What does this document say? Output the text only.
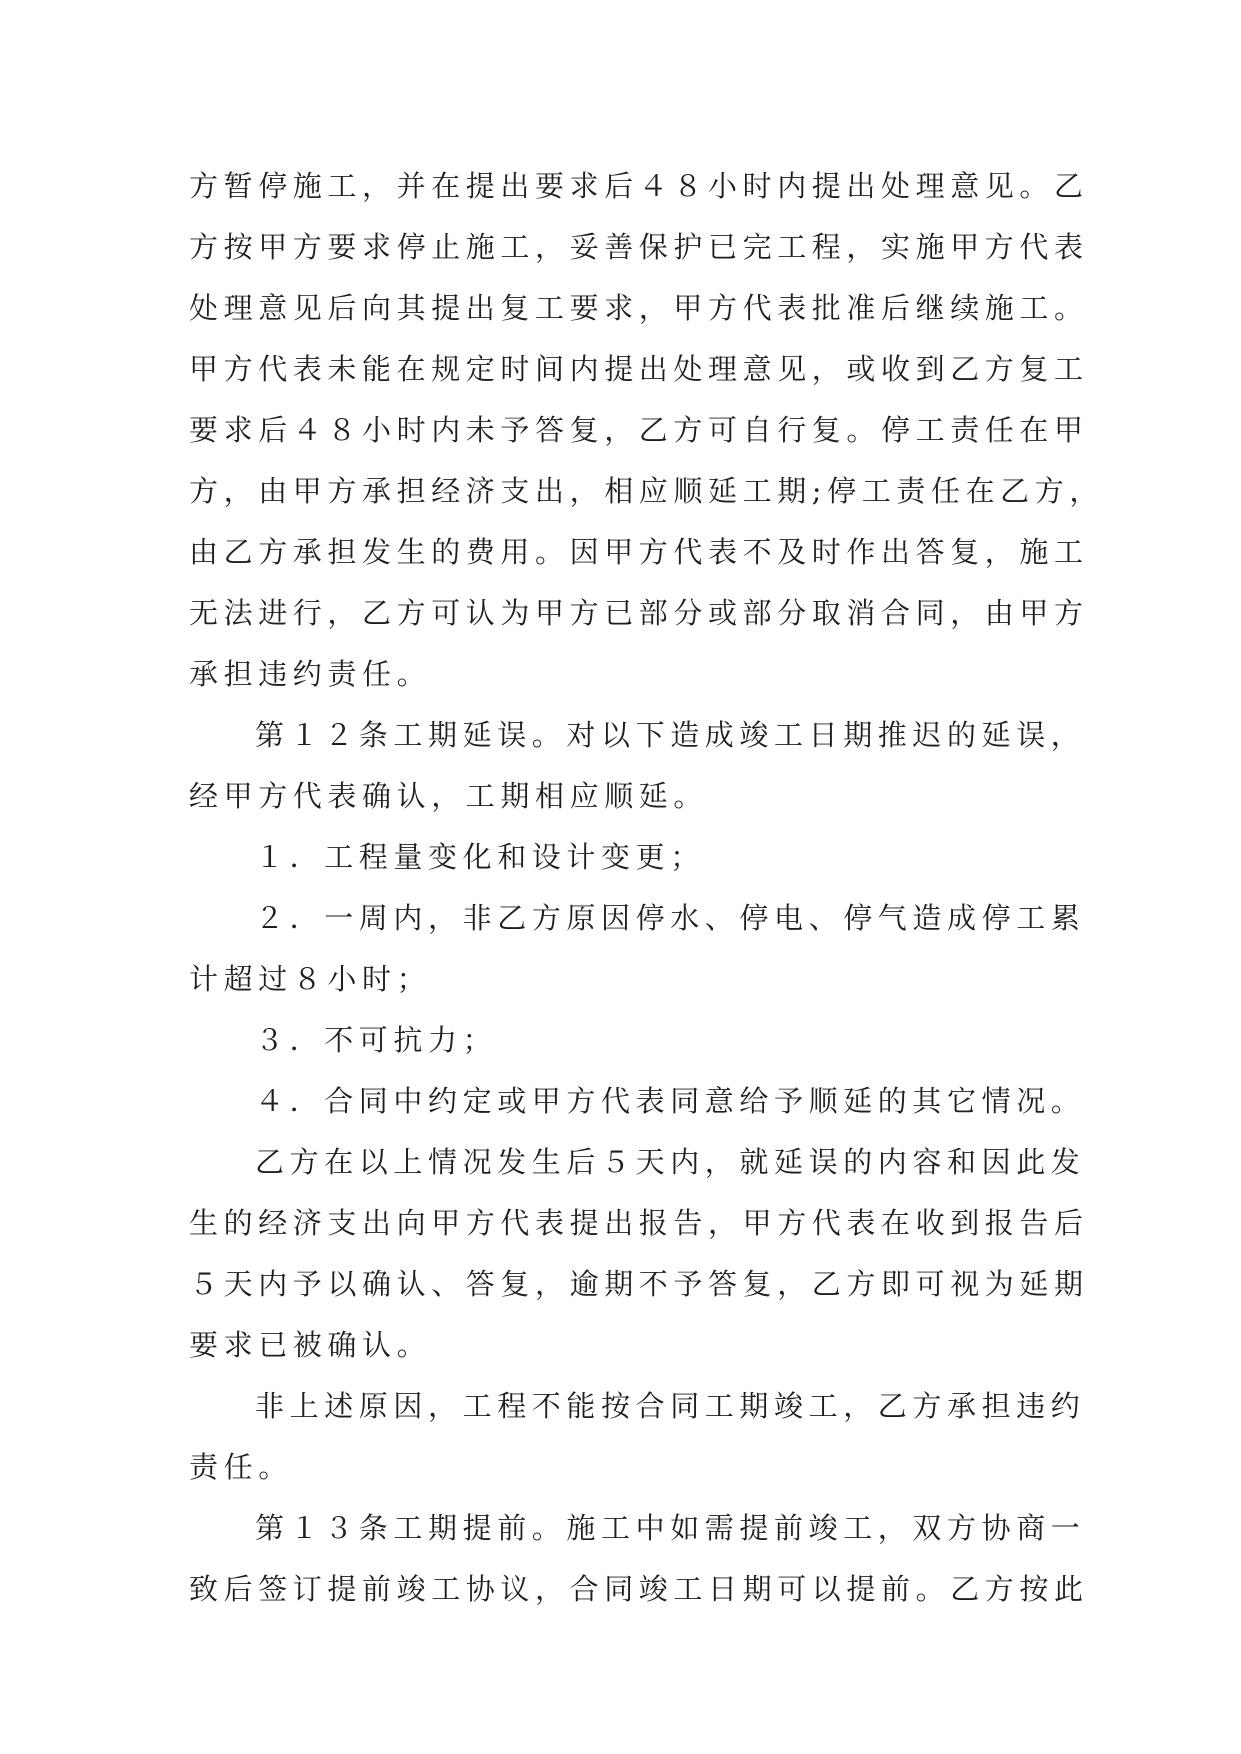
方暂停施工，并在提出要求后４８小时内提出处理意见。乙
方按甲方要求停止施工，妥善保护已完工程，实施甲方代表
处理意见后向其提出复工要求，甲方代表批准后继续施工。
甲方代表未能在规定时间内提出处理意见，或收到乙方复工
要求后４８小时内未予答复，乙方可自行复。停工责任在甲
方，由甲方承担经济支出，相应顺延工期;停工责任在乙方，
由乙方承担发生的费用。因甲方代表不及时作出答复，施工
无法进行，乙方可认为甲方已部分或部分取消合同，由甲方
承担违约责任。
第１２条工期延误。对以下造成竣工日期推迟的延误，
经甲方代表确认，工期相应顺延。
１．工程量变化和设计变更；
２．一周内，非乙方原因停水、停电、停气造成停工累
计超过８小时；
３．不可抗力；
４．合同中约定或甲方代表同意给予顺延的其它情况。
乙方在以上情况发生后５天内，就延误的内容和因此发
生的经济支出向甲方代表提出报告，甲方代表在收到报告后
５天内予以确认、答复，逾期不予答复，乙方即可视为延期
要求已被确认。
非上述原因，工程不能按合同工期竣工，乙方承担违约
责任。
第１３条工期提前。施工中如需提前竣工，双方协商一
致后签订提前竣工协议，合同竣工日期可以提前。乙方按此
